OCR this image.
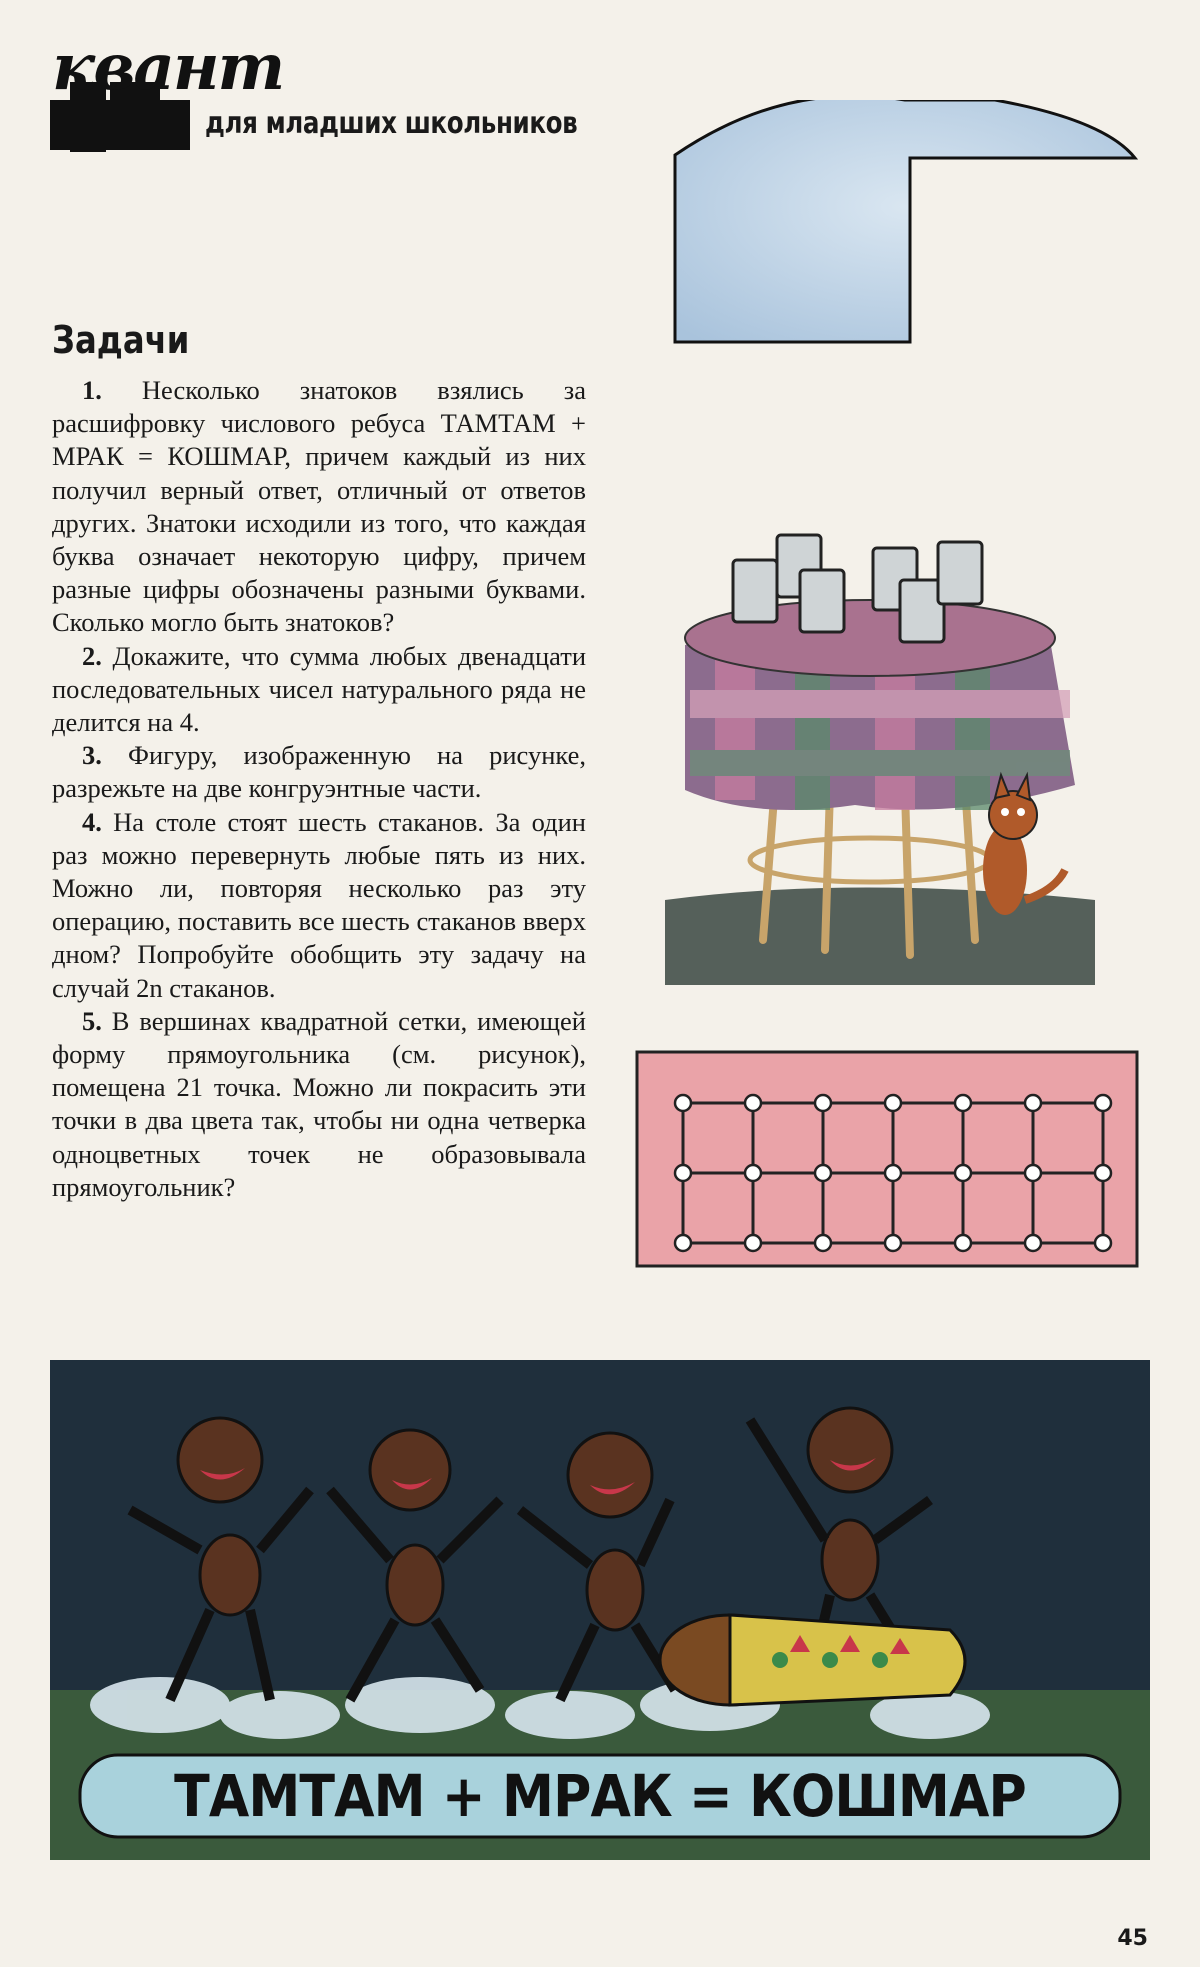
квант
для младших школьников
Задачи

1. Несколько знатоков взялись за расшифровку числового ребуса ТАМТАМ + МРАК = КОШМАР, причем каждый из них получил верный ответ, отличный от ответов других. Знатоки исходили из того, что каждая буква означает некоторую цифру, причем разные цифры обозначены разными буквами. Сколько могло быть знатоков?

2. Докажите, что сумма любых двенадцати последовательных чисел натурального ряда не делится на 4.

3. Фигуру, изображенную на рисунке, разрежьте на две конгруэнтные части.

4. На столе стоят шесть стаканов. За один раз можно перевернуть любые пять из них. Можно ли, повторяя несколько раз эту операцию, поставить все шесть стаканов вверх дном? Попробуйте обобщить эту задачу на случай 2n стаканов.

5. В вершинах квадратной сетки, имеющей форму прямоугольника (см. рисунок), помещена 21 точка. Можно ли покрасить эти точки в два цвета так, чтобы ни одна четверка одноцветных точек не образовывала прямоугольник?

ТАМТАМ + МРАК = КОШМАР
45
